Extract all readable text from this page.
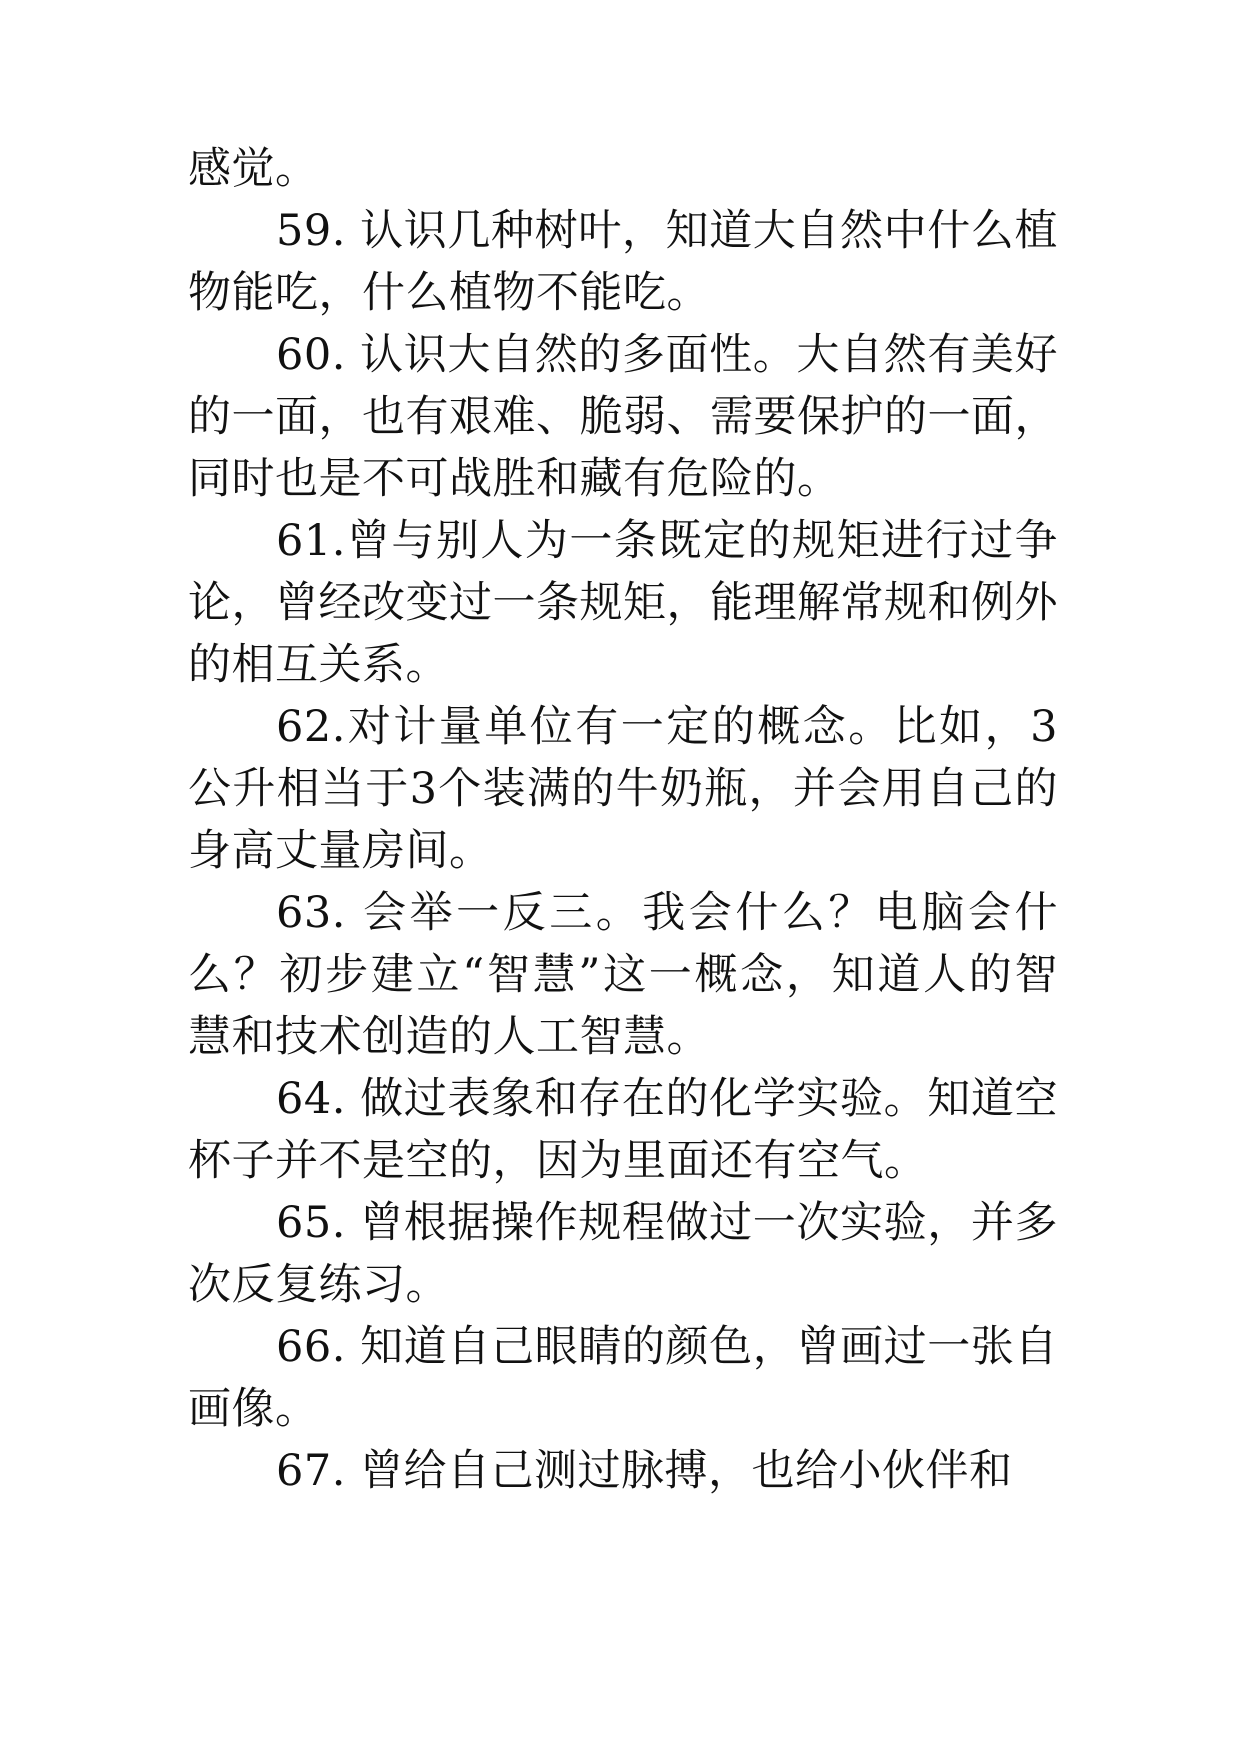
感觉。

59. 认识几种树叶，知道大自然中什么植物能吃，什么植物不能吃。

60. 认识大自然的多面性。大自然有美好的一面，也有艰难、脆弱、需要保护的一面，同时也是不可战胜和藏有危险的。

61.曾与别人为一条既定的规矩进行过争论，曾经改变过一条规矩，能理解常规和例外的相互关系。

62.对计量单位有一定的概念。比如，3公升相当于3个装满的牛奶瓶，并会用自己的身高丈量房间。

63. 会举一反三。我会什么？电脑会什么？初步建立“智慧”这一概念，知道人的智慧和技术创造的人工智慧。

64. 做过表象和存在的化学实验。知道空杯子并不是空的，因为里面还有空气。

65. 曾根据操作规程做过一次实验，并多次反复练习。

66. 知道自己眼睛的颜色，曾画过一张自画像。

67. 曾给自己测过脉搏，也给小伙伴和
